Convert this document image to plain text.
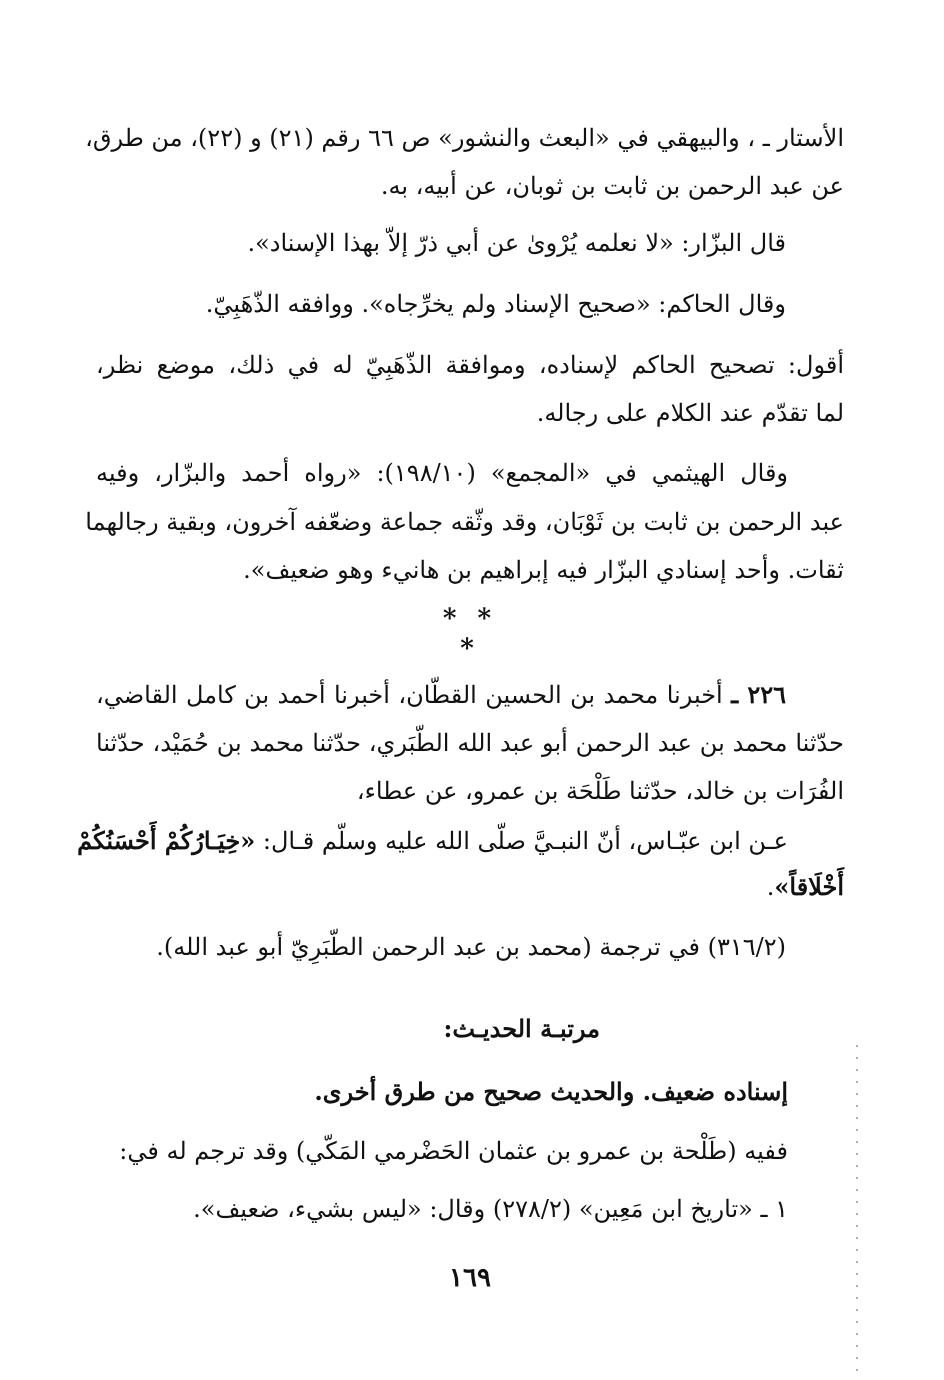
الأستار ـ ، والبيهقي في «البعث والنشور» ص ٦٦ رقم (٢١) و (٢٢)، من طرق،
عن عبد الرحمن بن ثابت بن ثوبان، عن أبيه، به.
قال البزّار: «لا نعلمه يُرْوىٰ عن أبي ذرّ إلاّ بهذا الإسناد».
وقال الحاكم: «صحيح الإسناد ولم يخرِّجاه». ووافقه الذّهَبِيّ.
أقول: تصحيح الحاكم لإسناده، وموافقة الذّهَبِيّ له في ذلك، موضع نظر،
لما تقدّم عند الكلام على رجاله.
وقال الهيثمي في «المجمع» (١٩٨/١٠): «رواه أحمد والبزّار، وفيه
عبد الرحمن بن ثابت بن ثَوْبَان، وقد وثّقه جماعة وضعّفه آخرون، وبقية رجالهما
ثقات. وأحد إسنادي البزّار فيه إبراهيم بن هانيء وهو ضعيف».
* * *
٢٢٦ ـ أخبرنا محمد بن الحسين القطّان، أخبرنا أحمد بن كامل القاضي،
حدّثنا محمد بن عبد الرحمن أبو عبد الله الطّبَري، حدّثنا محمد بن حُمَيْد، حدّثنا
الفُرَات بن خالد، حدّثنا طَلْحَة بن عمرو، عن عطاء،
عـن ابن عبّـاس، أنّ النبـيَّ صلّى الله عليه وسلّم قـال: «خِيَـارُكُمْ أَحْسَنُكُمْ
أَخْلَاقاً».
(٣١٦/٢) في ترجمة (محمد بن عبد الرحمن الطّبَرِيّ أبو عبد الله).
مرتبـة الحديـث:
إسناده ضعيف. والحديث صحيح من طرق أخرى.
ففيه (طَلْحة بن عمرو بن عثمان الحَضْرمي المَكّي) وقد ترجم له في:
١ ـ «تاريخ ابن مَعِين» (٢٧٨/٢) وقال: «ليس بشيء، ضعيف».
١٦٩
